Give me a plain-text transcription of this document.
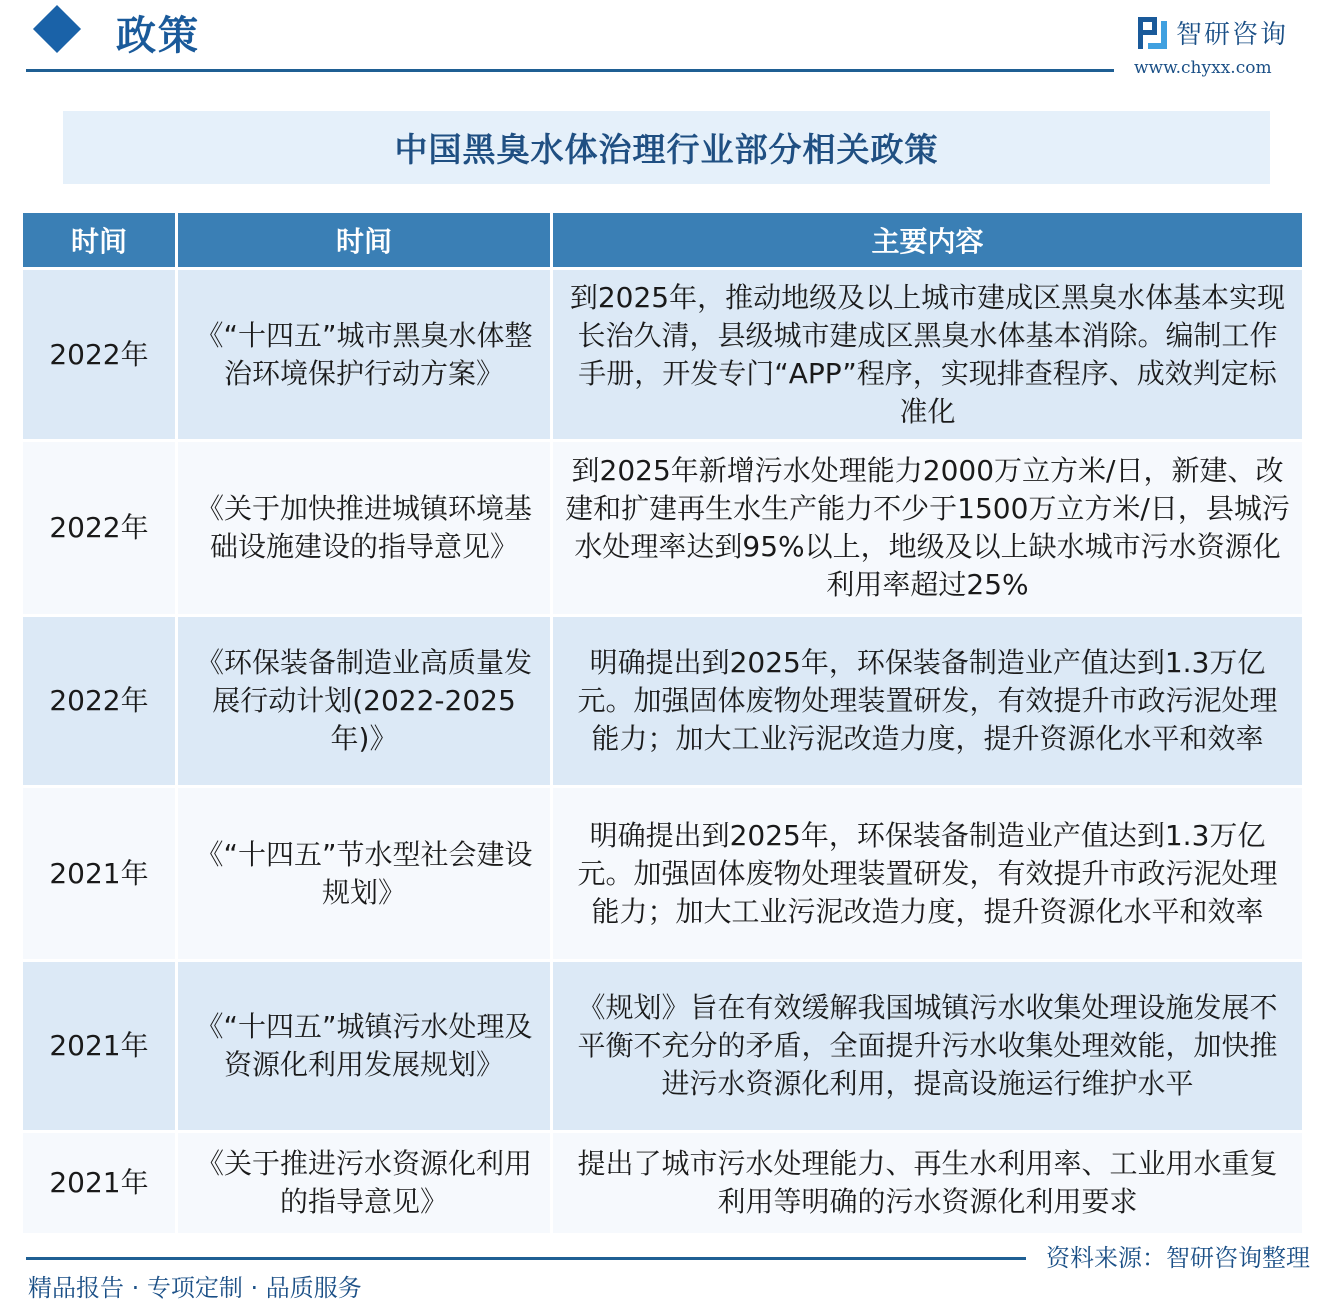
政策	智研咨询
www.chyxx.com
中国黑臭水体治理行业部分相关政策
时间	时间	主要内容
2022年	《“十四五”城市黑臭水体整治环境保护行动方案》	到2025年，推动地级及以上城市建成区黑臭水体基本实现长治久清，县级城市建成区黑臭水体基本消除。编制工作手册，开发专门“APP”程序，实现排查程序、成效判定标准化
2022年	《关于加快推进城镇环境基础设施建设的指导意见》	到2025年新增污水处理能力2000万立方米/日，新建、改建和扩建再生水生产能力不少于1500万立方米/日，县城污水处理率达到95%以上，地级及以上缺水城市污水资源化利用率超过25%
2022年	《环保装备制造业高质量发展行动计划(2022-2025年)》	明确提出到2025年，环保装备制造业产值达到1.3万亿元。加强固体废物处理装置研发，有效提升市政污泥处理能力；加大工业污泥改造力度，提升资源化水平和效率
2021年	《“十四五”节水型社会建设规划》	明确提出到2025年，环保装备制造业产值达到1.3万亿元。加强固体废物处理装置研发，有效提升市政污泥处理能力；加大工业污泥改造力度，提升资源化水平和效率
2021年	《“十四五”城镇污水处理及资源化利用发展规划》	《规划》旨在有效缓解我国城镇污水收集处理设施发展不平衡不充分的矛盾，全面提升污水收集处理效能，加快推进污水资源化利用，提高设施运行维护水平
2021年	《关于推进污水资源化利用的指导意见》	提出了城市污水处理能力、再生水利用率、工业用水重复利用等明确的污水资源化利用要求
资料来源：智研咨询整理
精品报告 · 专项定制 · 品质服务
